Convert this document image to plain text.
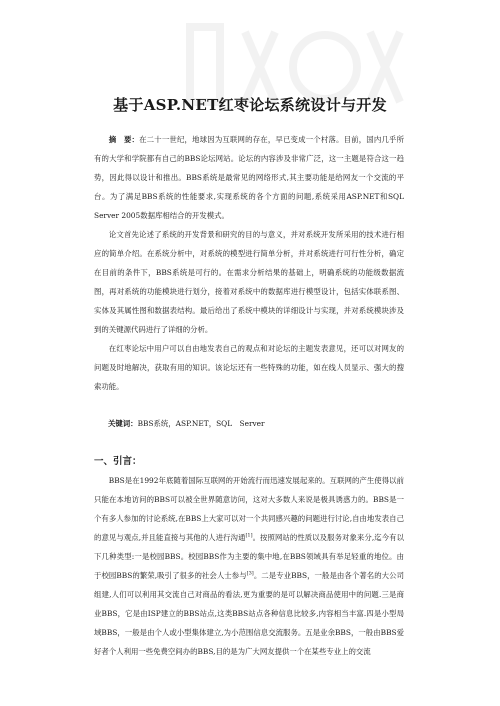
基于ASP.NET红枣论坛系统设计与开发

摘　要：在二十一世纪，地球因为互联网的存在，早已变成一个村落。目前，国内几乎所有的大学和学院都有自己的BBS论坛网站。论坛的内容涉及非常广泛，这一主题是符合这一趋势，因此得以设计和推出。BBS系统是最常见的网络形式,其主要功能是给网友一个交流的平台。为了满足BBS系统的性能要求,实现系统的各个方面的问题,系统采用ASP.NET和SQL Server 2005数据库相结合的开发模式。

论文首先论述了系统的开发背景和研究的目的与意义，并对系统开发所采用的技术进行相应的简单介绍。在系统分析中，对系统的模型进行简单分析，并对系统进行可行性分析，确定在目前的条件下，BBS系统是可行的。在需求分析结果的基础上，明确系统的功能级数据流图，再对系统的功能模块进行划分，接着对系统中的数据库进行模型设计，包括实体联系图、实体及其属性图和数据表结构。最后给出了系统中模块的详细设计与实现，并对系统模块涉及到的关键源代码进行了详细的分析。

在红枣论坛中用户可以自由地发表自己的观点和对论坛的主题发表意见，还可以对网友的问题及时地解决，获取有用的知识。该论坛还有一些特殊的功能，如在线人员显示、强大的搜索功能。

关键词：BBS系统，ASP.NET，SQL　Server

一、引言：

BBS是在1992年底随着国际互联网的开始流行而迅速发展起来的。互联网的产生使得以前只能在本地访问的BBS可以被全世界随意访问，这对大多数人来说是极具诱惑力的。BBS是一个有多人参加的讨论系统,在BBS上大家可以对一个共同感兴趣的问题进行讨论,自由地发表自己的意见与观点,并且能直接与其他的人进行沟通[1]。按照网站的性质以及服务对象来分,迄今有以下几种类型:一是校园BBS。校园BBS作为主要的集中地,在BBS领域具有举足轻重的地位。由于校园BBS的繁荣,吸引了很多的社会人士参与[3]。二是专业BBS，一般是由各个著名的大公司组建,人们可以利用其交流自己对商品的看法,更为重要的是可以解决商品使用中的问题.三是商业BBS，它是由ISP建立的BBS站点,这类BBS站点各种信息比较多,内容相当丰富.四是小型局域BBS，一般是由个人或小型集体建立,为小范围信息交流服务。五是业余BBS，一般由BBS爱好者个人利用一些免费空间办的BBS,目的是为广大网友提供一个在某些专业上的交流
